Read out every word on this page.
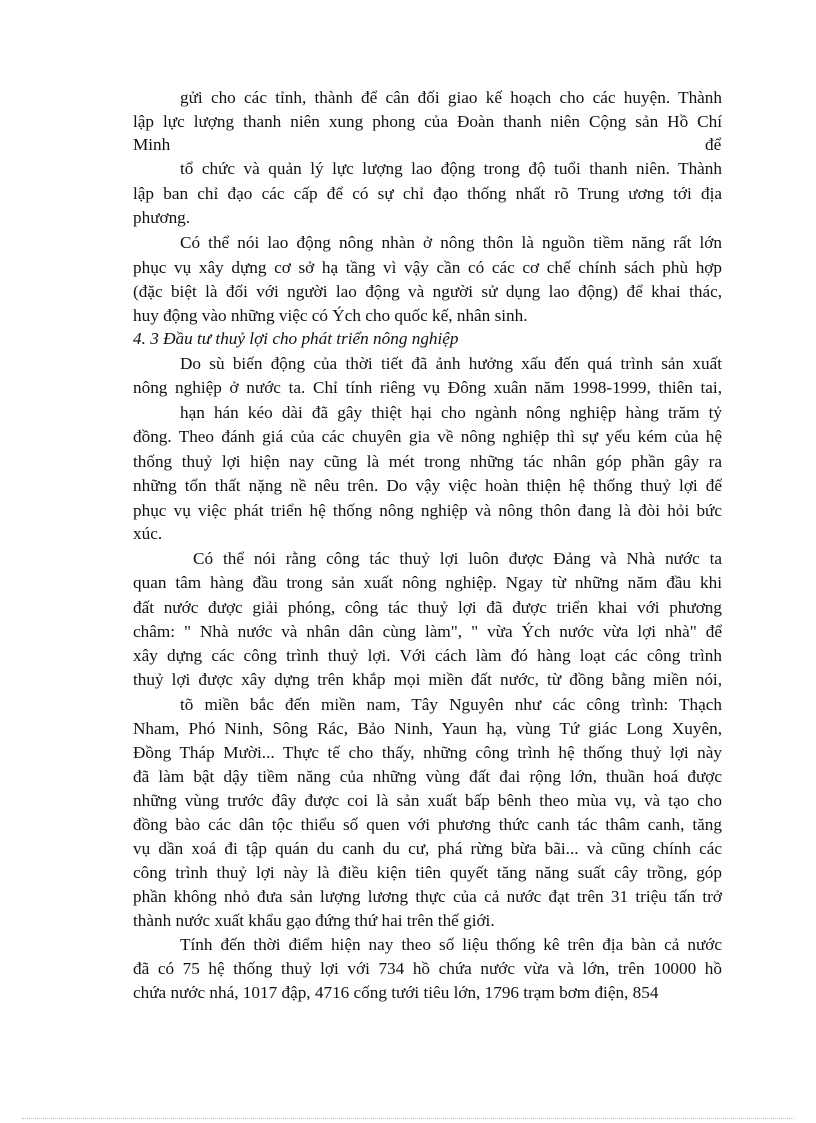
gửi cho các tỉnh, thành để cân đối giao kế hoạch cho các huyện. Thành

lập lực lượng thanh niên xung phong của Đoàn thanh niên Cộng sản Hồ Chí

Minh	để

tổ chức và quản lý lực lượng lao động trong độ tuổi thanh niên. Thành

lập ban chỉ đạo các cấp để có sự chỉ đạo thống nhất rõ Trung ương tới địa

phương.

Có thể nói lao động nông nhàn ở nông thôn là nguồn tiềm năng rất lớn

phục vụ xây dựng cơ sở hạ tầng vì vậy cần có các cơ chế chính sách phù hợp

(đặc biệt là đối với người lao động và người sử dụng lao động) để khai thác,

huy động vào những việc có Ých cho quốc kế, nhân sinh.

4. 3 Đầu tư thuỷ lợi cho phát triển nông nghiệp

Do sù biến động của thời tiết đã ảnh hưởng xấu đến quá trình sản xuất

nông nghiệp ở nước ta. Chỉ tính riêng vụ Đông xuân năm 1998-1999, thiên tai,

hạn hán kéo dài đã gây thiệt hại cho ngành nông nghiệp hàng trăm tỷ

đồng. Theo đánh giá của các chuyên gia về nông nghiệp thì sự yếu kém của hệ

thống thuỷ lợi hiện nay cũng là mét trong những tác nhân góp phần gây ra

những tổn thất nặng nề nêu trên. Do vậy việc hoàn thiện hệ thống thuỷ lợi để

phục vụ việc phát triển hệ thống nông nghiệp và nông thôn đang là đòi hỏi bức

xúc.

Có thể nói rằng công tác thuỷ lợi luôn được Đảng và Nhà nước ta

quan tâm hàng đầu trong sản xuất nông nghiệp. Ngay từ những năm đầu khi

đất nước được giải phóng, công tác thuỷ lợi đã được triển khai với phương

châm: " Nhà nước và nhân dân cùng làm", " vừa Ých nước vừa lợi nhà" để

xây dựng các công trình thuỷ lợi. Với cách làm đó hàng loạt các công trình

thuỷ lợi được xây dựng trên khắp mọi miền đất nước, từ đồng bằng miền nói,

tõ miền bắc đến miền nam, Tây Nguyên như các công trình: Thạch

Nham, Phó Ninh, Sông Rác, Bảo Ninh, Yaun hạ, vùng Tứ giác Long Xuyên,

Đồng Tháp Mười... Thực tế cho thấy, những công trình hệ thống thuỷ lợi này

đã làm bật dậy tiềm năng của những vùng đất đai rộng lớn, thuần hoá được

những vùng trước đây được coi là sản xuất bấp bênh theo mùa vụ, và tạo cho

đồng bào các dân tộc thiểu số quen với phương thức canh tác thâm canh, tăng

vụ dần xoá đi tập quán du canh du cư, phá rừng bừa bãi... và cũng chính các

công trình thuỷ lợi này là điều kiện tiên quyết tăng năng suất cây trồng, góp

phần không nhỏ đưa sản lượng lương thực của cả nước đạt trên 31 triệu tấn trở

thành nước xuất khẩu gạo đứng thứ hai trên thế giới.

Tính đến thời điểm hiện nay theo số liệu thống kê trên địa bàn cả nước

đã có 75 hệ thống thuỷ lợi với 734 hồ chứa nước vừa và lớn, trên 10000 hồ

chứa nước nhá, 1017 đập, 4716 cống tưới tiêu lớn, 1796 trạm bơm điện, 854
